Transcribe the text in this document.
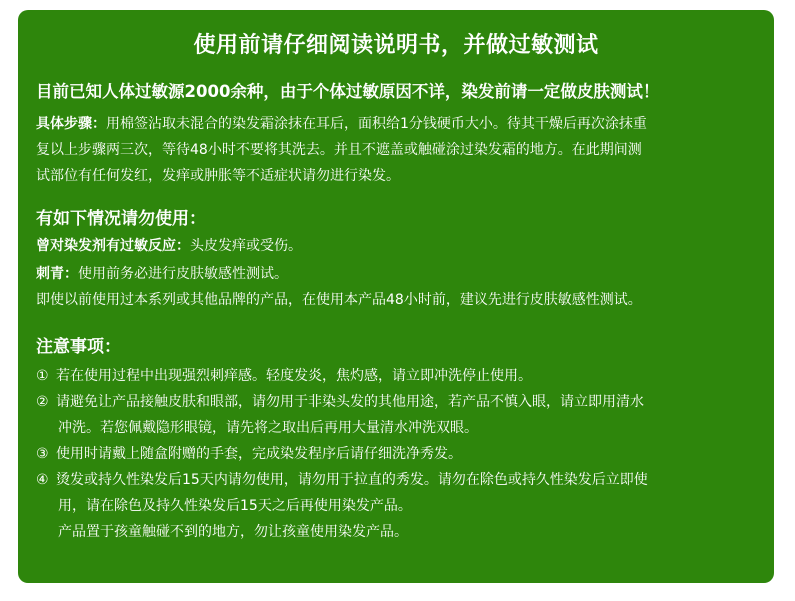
使用前请仔细阅读说明书，并做过敏测试
目前已知人体过敏源2000余种，由于个体过敏原因不详，染发前请一定做皮肤测试！
具体步骤：用棉签沾取未混合的染发霜涂抹在耳后，面积给1分钱硬币大小。待其干燥后再次涂抹重
复以上步骤两三次，等待48小时不要将其洗去。并且不遮盖或触碰涂过染发霜的地方。在此期间测
试部位有任何发红，发痒或肿胀等不适症状请勿进行染发。
有如下情况请勿使用：
曾对染发剂有过敏反应：头皮发痒或受伤。
刺青：使用前务必进行皮肤敏感性测试。
即使以前使用过本系列或其他品牌的产品，在使用本产品48小时前，建议先进行皮肤敏感性测试。
注意事项：
① 若在使用过程中出现强烈刺痒感。轻度发炎，焦灼感，请立即冲洗停止使用。
② 请避免让产品接触皮肤和眼部，请勿用于非染头发的其他用途，若产品不慎入眼，请立即用清水
冲洗。若您佩戴隐形眼镜，请先将之取出后再用大量清水冲洗双眼。
③ 使用时请戴上随盒附赠的手套，完成染发程序后请仔细洗净秀发。
④ 烫发或持久性染发后15天内请勿使用，请勿用于拉直的秀发。请勿在除色或持久性染发后立即使
用，请在除色及持久性染发后15天之后再使用染发产品。
产品置于孩童触碰不到的地方，勿让孩童使用染发产品。
